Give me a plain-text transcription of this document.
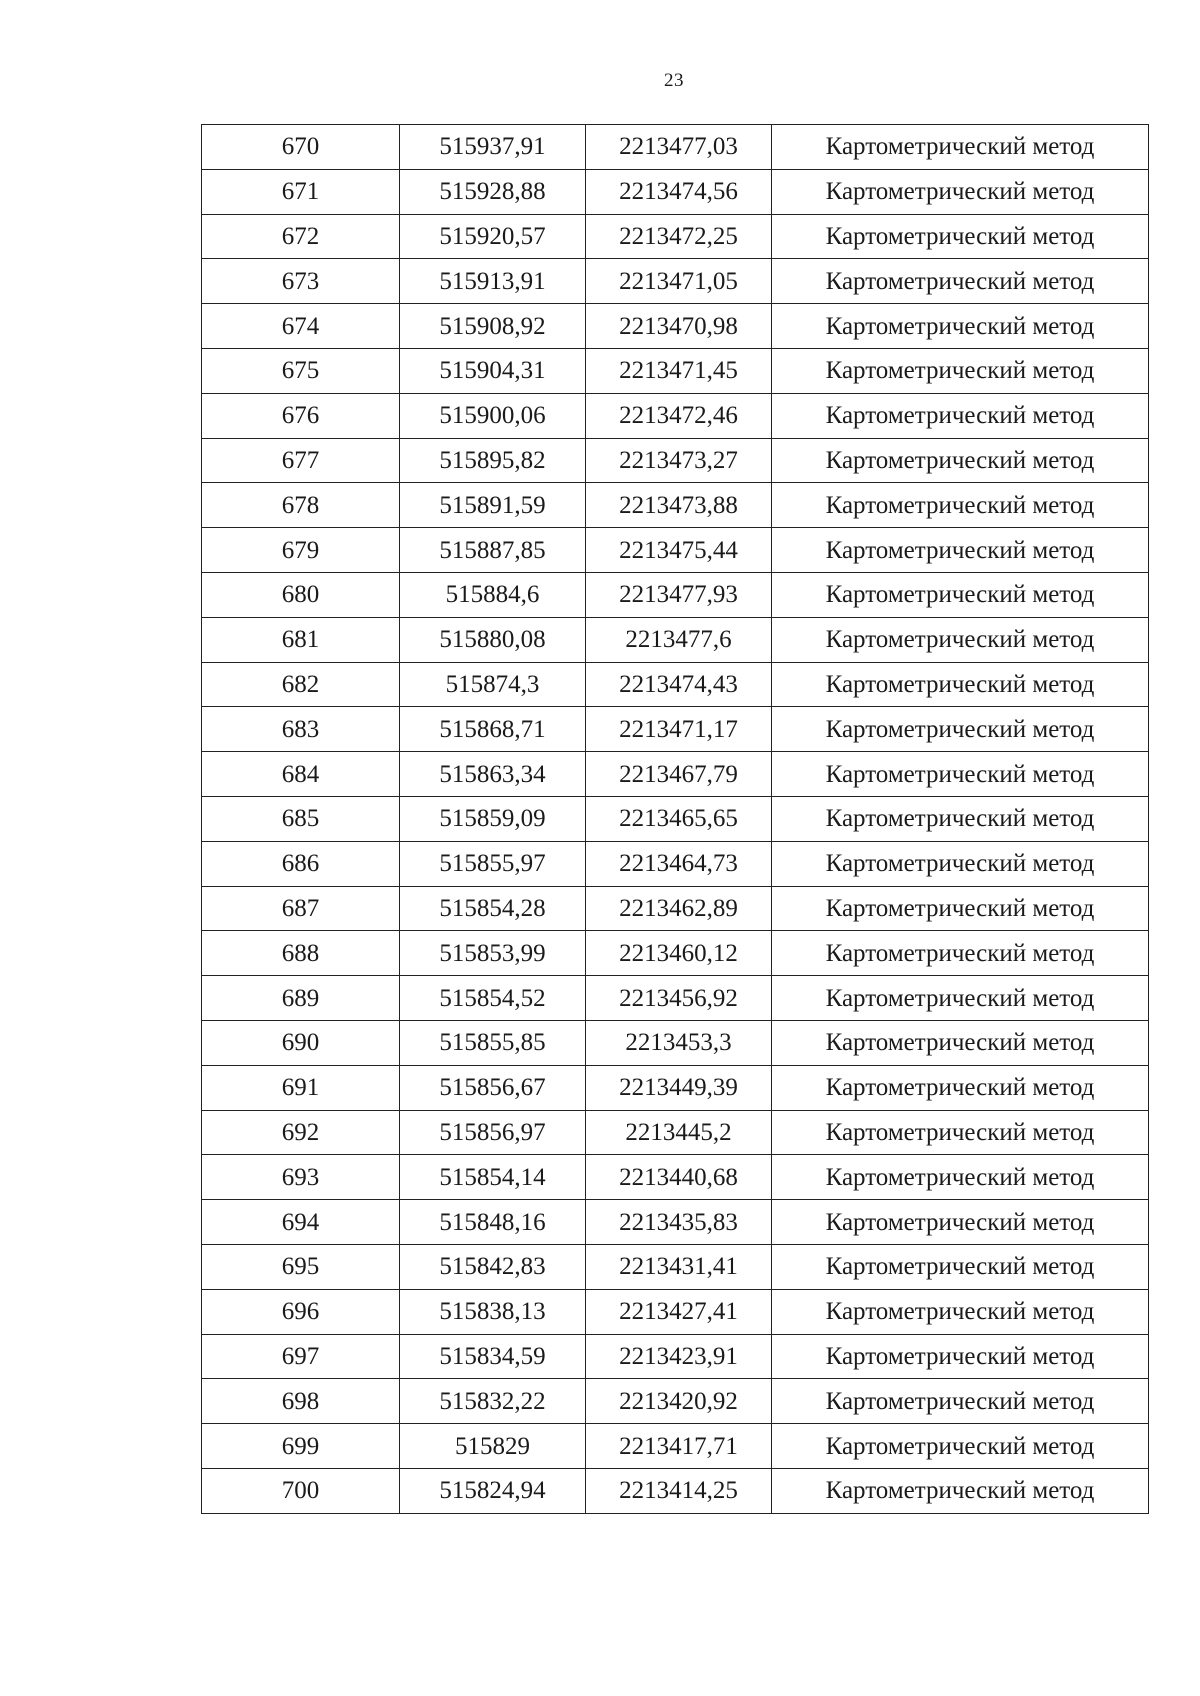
23
670	515937,91	2213477,03	Картометрический метод
671	515928,88	2213474,56	Картометрический метод
672	515920,57	2213472,25	Картометрический метод
673	515913,91	2213471,05	Картометрический метод
674	515908,92	2213470,98	Картометрический метод
675	515904,31	2213471,45	Картометрический метод
676	515900,06	2213472,46	Картометрический метод
677	515895,82	2213473,27	Картометрический метод
678	515891,59	2213473,88	Картометрический метод
679	515887,85	2213475,44	Картометрический метод
680	515884,6	2213477,93	Картометрический метод
681	515880,08	2213477,6	Картометрический метод
682	515874,3	2213474,43	Картометрический метод
683	515868,71	2213471,17	Картометрический метод
684	515863,34	2213467,79	Картометрический метод
685	515859,09	2213465,65	Картометрический метод
686	515855,97	2213464,73	Картометрический метод
687	515854,28	2213462,89	Картометрический метод
688	515853,99	2213460,12	Картометрический метод
689	515854,52	2213456,92	Картометрический метод
690	515855,85	2213453,3	Картометрический метод
691	515856,67	2213449,39	Картометрический метод
692	515856,97	2213445,2	Картометрический метод
693	515854,14	2213440,68	Картометрический метод
694	515848,16	2213435,83	Картометрический метод
695	515842,83	2213431,41	Картометрический метод
696	515838,13	2213427,41	Картометрический метод
697	515834,59	2213423,91	Картометрический метод
698	515832,22	2213420,92	Картометрический метод
699	515829	2213417,71	Картометрический метод
700	515824,94	2213414,25	Картометрический метод
